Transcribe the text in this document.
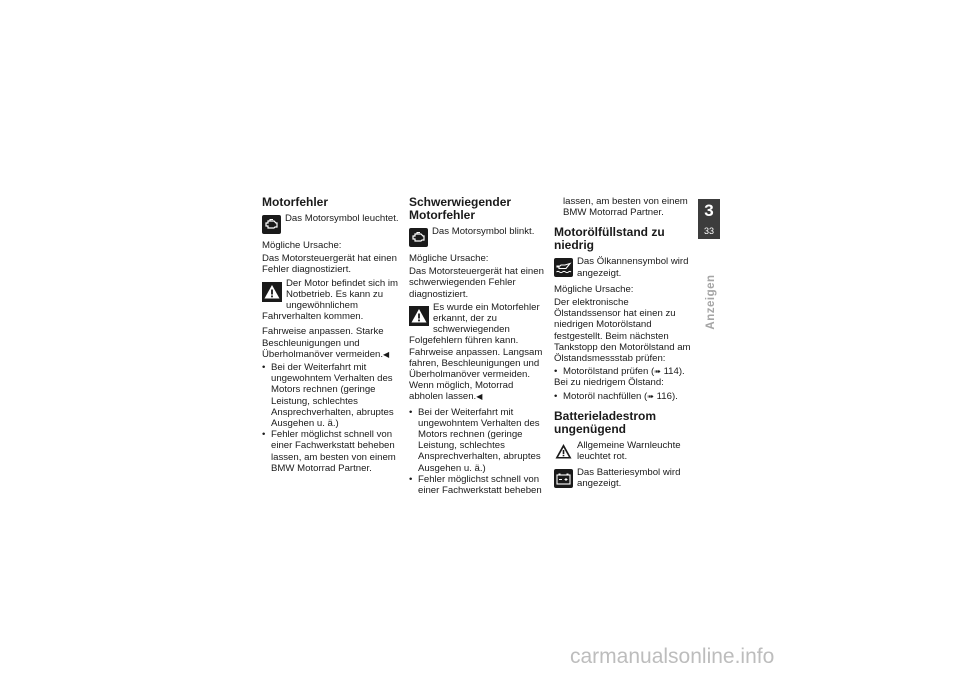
Motorfehler
Das Motorsymbol leuchtet.

Mögliche Ursache:

Das Motorsteuergerät hat einen Fehler diagnostiziert.

Der Motor befindet sich im Notbetrieb. Es kann zu ungewöhnlichem Fahrverhalten kommen.

Fahrweise anpassen. Starke Beschleunigungen und Überholmanöver vermeiden.◀

• Bei der Weiterfahrt mit ungewohntem Verhalten des Motors rechnen (geringe Leistung, schlechtes Ansprechverhalten, abruptes Ausgehen u. ä.)
• Fehler möglichst schnell von einer Fachwerkstatt beheben lassen, am besten von einem BMW Motorrad Partner.
Schwerwiegender Motorfehler
Das Motorsymbol blinkt.

Mögliche Ursache:

Das Motorsteuergerät hat einen schwerwiegenden Fehler diagnostiziert.

Es wurde ein Motorfehler erkannt, der zu schwerwiegenden Folgefehlern führen kann. Fahrweise anpassen. Langsam fahren, Beschleunigungen und Überholmanöver vermeiden. Wenn möglich, Motorrad abholen lassen.◀
• Bei der Weiterfahrt mit ungewohntem Verhalten des Motors rechnen (geringe Leistung, schlechtes Ansprechverhalten, abruptes Ausgehen u. ä.)
• Fehler möglichst schnell von einer Fachwerkstatt beheben

lassen, am besten von einem BMW Motorrad Partner.

Motorölfüllstand zu niedrig
Das Ölkannensymbol wird angezeigt.

Mögliche Ursache:

Der elektronische Ölstandssensor hat einen zu niedrigen Motorölstand festgestellt. Beim nächsten Tankstopp den Motorölstand am Ölstandsmessstab prüfen:

• Motorölstand prüfen (➠ 114).

Bei zu niedrigem Ölstand:

• Motoröl nachfüllen (➠ 116).
Batterieladestrom ungenügend
Allgemeine Warnleuchte leuchtet rot.
Das Batteriesymbol wird angezeigt.
3
33
Anzeigen
carmanualsonline.info
